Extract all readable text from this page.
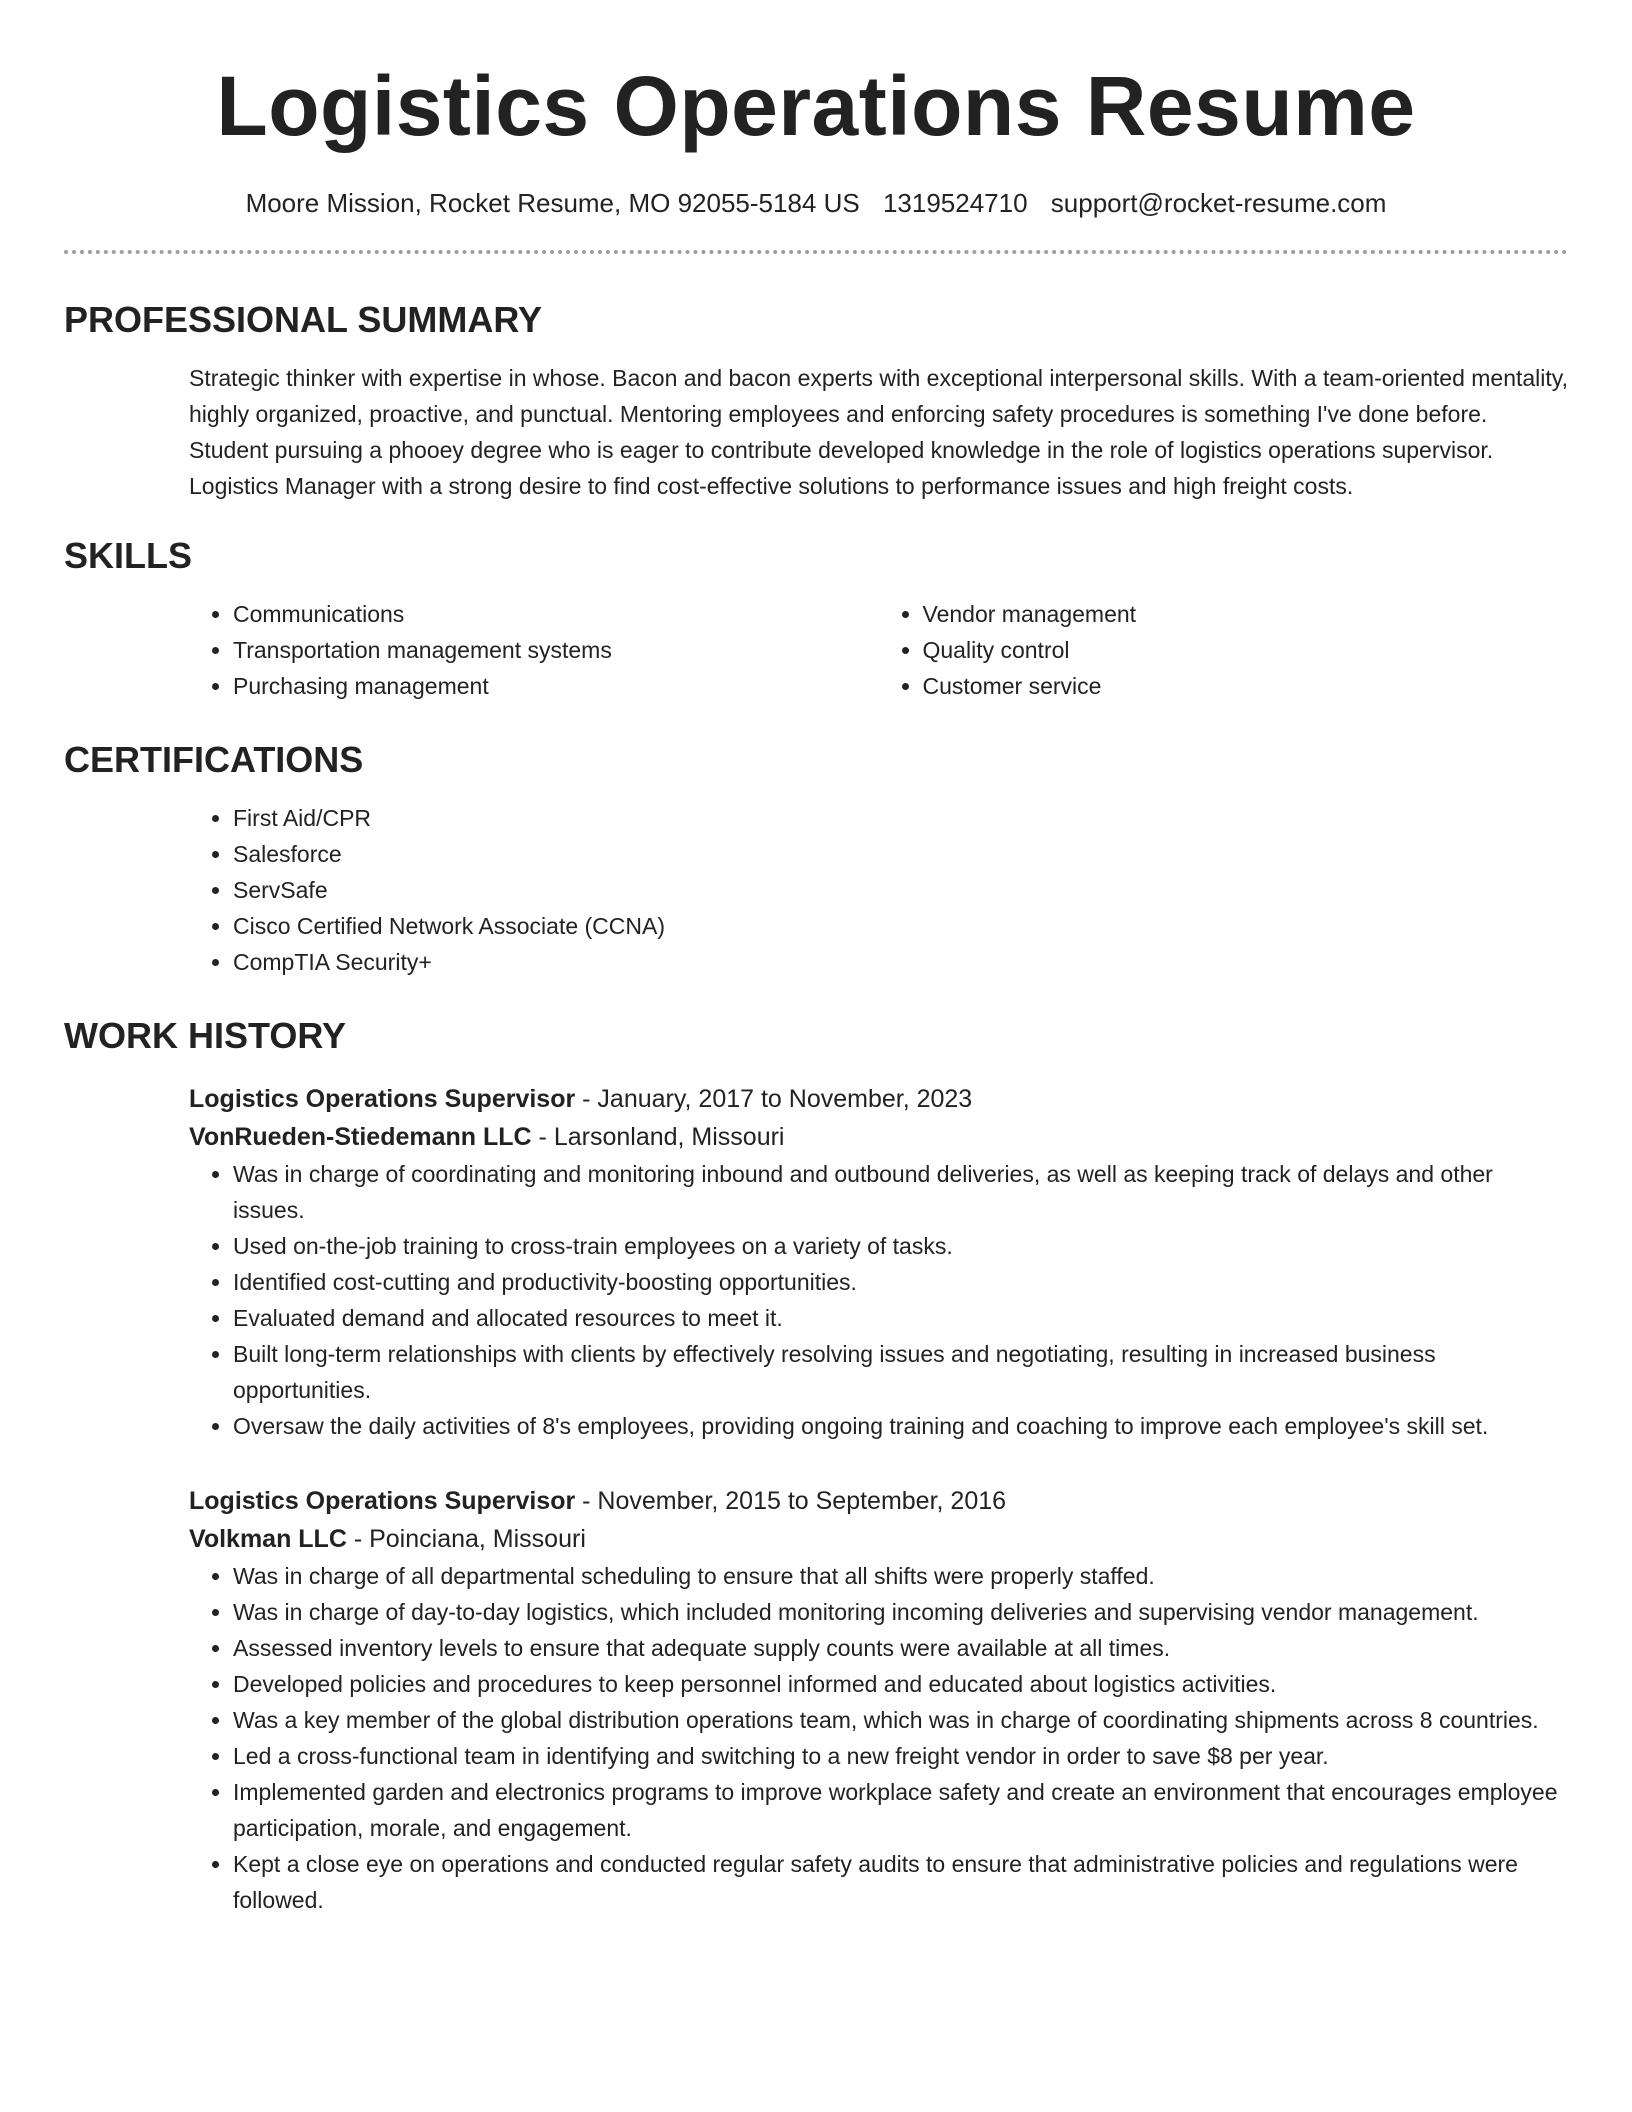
Logistics Operations Resume
Moore Mission, Rocket Resume, MO 92055-5184 US 1319524710 support@rocket-resume.com
PROFESSIONAL SUMMARY
Strategic thinker with expertise in whose. Bacon and bacon experts with exceptional interpersonal skills. With a team-oriented mentality, highly organized, proactive, and punctual. Mentoring employees and enforcing safety procedures is something I've done before. Student pursuing a phooey degree who is eager to contribute developed knowledge in the role of logistics operations supervisor. Logistics Manager with a strong desire to find cost-effective solutions to performance issues and high freight costs.
SKILLS
• Communications
• Transportation management systems
• Purchasing management
• Vendor management
• Quality control
• Customer service
CERTIFICATIONS
• First Aid/CPR
• Salesforce
• ServSafe
• Cisco Certified Network Associate (CCNA)
• CompTIA Security+
WORK HISTORY
Logistics Operations Supervisor - January, 2017 to November, 2023
VonRueden-Stiedemann LLC - Larsonland, Missouri
• Was in charge of coordinating and monitoring inbound and outbound deliveries, as well as keeping track of delays and other issues.
• Used on-the-job training to cross-train employees on a variety of tasks.
• Identified cost-cutting and productivity-boosting opportunities.
• Evaluated demand and allocated resources to meet it.
• Built long-term relationships with clients by effectively resolving issues and negotiating, resulting in increased business opportunities.
• Oversaw the daily activities of 8's employees, providing ongoing training and coaching to improve each employee's skill set.
Logistics Operations Supervisor - November, 2015 to September, 2016
Volkman LLC - Poinciana, Missouri
• Was in charge of all departmental scheduling to ensure that all shifts were properly staffed.
• Was in charge of day-to-day logistics, which included monitoring incoming deliveries and supervising vendor management.
• Assessed inventory levels to ensure that adequate supply counts were available at all times.
• Developed policies and procedures to keep personnel informed and educated about logistics activities.
• Was a key member of the global distribution operations team, which was in charge of coordinating shipments across 8 countries.
• Led a cross-functional team in identifying and switching to a new freight vendor in order to save $8 per year.
• Implemented garden and electronics programs to improve workplace safety and create an environment that encourages employee participation, morale, and engagement.
• Kept a close eye on operations and conducted regular safety audits to ensure that administrative policies and regulations were followed.
